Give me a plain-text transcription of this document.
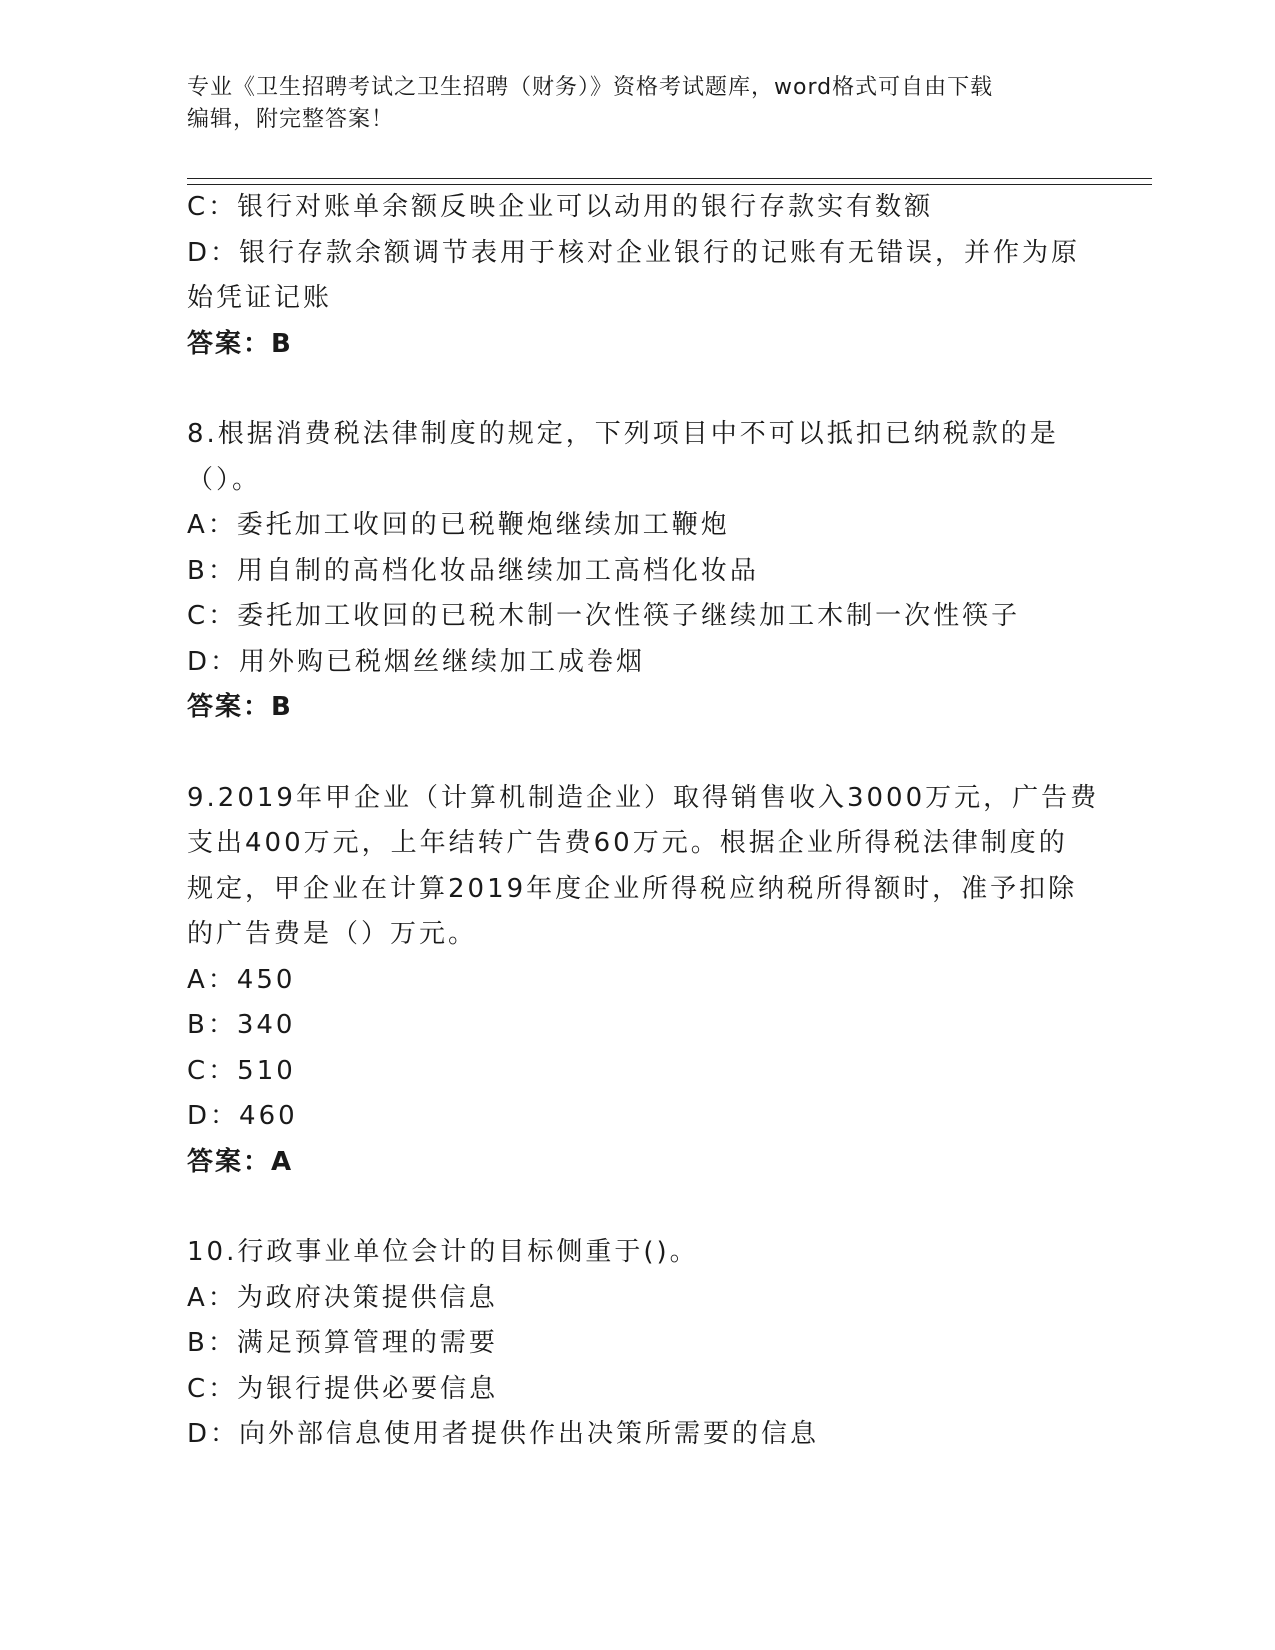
专业《卫生招聘考试之卫生招聘（财务）》资格考试题库，word格式可自由下载
编辑，附完整答案！
C：银行对账单余额反映企业可以动用的银行存款实有数额
D：银行存款余额调节表用于核对企业银行的记账有无错误，并作为原
始凭证记账
答案：B
8.根据消费税法律制度的规定，下列项目中不可以抵扣已纳税款的是
（）。
A：委托加工收回的已税鞭炮继续加工鞭炮
B：用自制的高档化妆品继续加工高档化妆品
C：委托加工收回的已税木制一次性筷子继续加工木制一次性筷子
D：用外购已税烟丝继续加工成卷烟
答案：B
9.2019年甲企业（计算机制造企业）取得销售收入3000万元，广告费
支出400万元，上年结转广告费60万元。根据企业所得税法律制度的
规定，甲企业在计算2019年度企业所得税应纳税所得额时，准予扣除
的广告费是（）万元。
A：450
B：340
C：510
D：460
答案：A
10.行政事业单位会计的目标侧重于()。
A：为政府决策提供信息
B：满足预算管理的需要
C：为银行提供必要信息
D：向外部信息使用者提供作出决策所需要的信息
